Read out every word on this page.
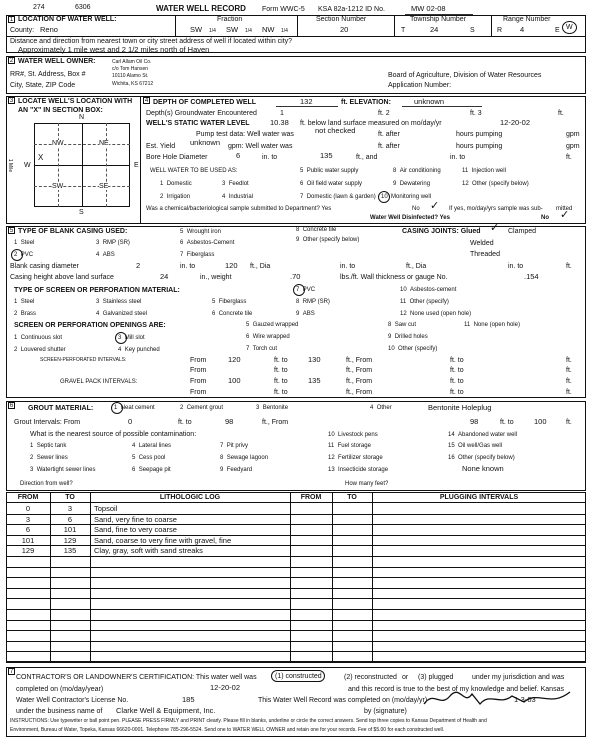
274	6306	WATER WELL RECORD Form WWC-5 KSA 82a-1212 ID No.	MW 02-08
1 LOCATION OF WATER WELL:
County: Reno
Fraction
SW 1/4 SW 1/4 NW 1/4
Section Number
20
Township Number
T	24	S
Range Number
R 4	E W
Distance and direction from nearest town or city street address of well if located within city?
Approximately 1 mile west and 2 1/2 miles north of Haven
2 WATER WELL OWNER:	Carl Allam Oil Co.
RR#, St. Address, Box #
c/o Tom Hansen
10110 Alamo St.
City, State, ZIP Code	Wichita, KS 67212
Board of Agriculture, Division of Water Resources
Application Number:
3 LOCATE WELL'S LOCATION WITH
AN "X" IN SECTION BOX:
N
S
W	E
1 Mile
NW	NE
SW	SE
X
4 DEPTH OF COMPLETED WELL	132	ft. ELEVATION:	unknown
Depth(s) Groundwater Encountered	1	ft. 2	ft. 3	ft.
WELL'S STATIC WATER LEVEL	10.38 ft. below land surface measured on mo/day/yr	12-20-02
not checked
Pump test data: Well water was	ft. after	hours pumping	gpm
unknown
Est. Yield	gpm: Well water was	ft. after	hours pumping	gpm
Bore Hole Diameter	6	in. to	135	ft., and	in. to	ft.
WELL WATER TO BE USED AS:	5 Public water supply	8 Air conditioning	11 Injection well
1 Domestic	3 Feedlot	6 Oil field water supply	9 Dewatering	12 Other (specify below)
2 Irrigation	4 Industrial	7 Domestic (lawn & garden) 10 Monitoring well
Was a chemical/bacteriological sample submitted to Department? Yes	No ✓ If yes, mo/day/yrs sample was sub- mitted
Water Well Disinfected? Yes	No ✓
5 TYPE OF BLANK CASING USED:
1 Steel	3 RMP (SR)
5 Wrought iron	8 Concrete tile
2 PVC	4 ABS
6 Asbestos-Cement	9 Other (specify below)
7 Fiberglass
CASING JOINTS: Glued ✓ Clamped
Welded
Threaded
Blank casing diameter	2	in. to	120 ft., Dia	in. to	ft., Dia	in. to	ft.
Casing height above land surface	24	in., weight	.70	lbs./ft. Wall thickness or gauge No.	.154
TYPE OF SCREEN OR PERFORATION MATERIAL:
1 Steel	3 Stainless steel	5 Fiberglass
7 PVC	10 Asbestos-cement
2 Brass	4 Galvanized steel	6 Concrete tile
8 RMP (SR)	11 Other (specify)
9 ABS	12 None used (open hole)
SCREEN OR PERFORATION OPENINGS ARE:
1 Continuous slot	3 Mill slot
5 Gauzed wrapped	8 Saw cut	11 None (open hole)
2 Louvered shutter	4 Key punched
6 Wire wrapped	9 Drilled holes
7 Torch cut	10 Other (specify)
SCREEN-PERFORATED INTERVALS:	From	120	ft. to	130	ft., From	ft. to	ft.
From	ft. to	ft., From	ft. to	ft.
GRAVEL PACK INTERVALS:	From	100	ft. to	135	ft., From	ft. to	ft.
From	ft. to	ft., From	ft. to	ft.
6 GROUT MATERIAL:	1 Neat cement	2 Cement grout	3 Bentonite	4 Other	Bentonite Holeplug
Grout Intervals: From	0	ft. to	98	ft., From	98	ft. to	100	ft.
What is the nearest source of possible contamination:
1 Septic tank	4 Lateral lines	7 Pit privy
10 Livestock pens	14 Abandoned water well
2 Sewer lines	5 Cess pool	8 Sewage lagoon
11 Fuel storage	15 Oil well/Gas well
3 Watertight sewer lines	6 Seepage pit	9 Feedyard
12 Fertilizer storage	16 Other (specify below)
13 Insecticide storage	None known
Direction from well?	How many feet?
FROM	TO	LITHOLOGIC LOG	FROM	TO	PLUGGING INTERVALS
0	3	Topsoil
3	6	Sand, very fine to coarse
6	101	Sand, fine to very coarse
101	129	Sand, coarse to very fine with gravel, fine
129	135	Clay, gray, soft with sand streaks
7
CONTRACTOR'S OR LANDOWNER'S CERTIFICATION: This water well was	(1) constructed	(2) reconstructed or (3) plugged	under my jurisdiction and was
completed on (mo/day/year)	12-20-02	and this record is true to the best of my knowledge and belief. Kansas
Water Well Contractor's License No.	185	This Water Well Record was completed on (mo/day/yr)	1-3-03
under the business name of Clarke Well & Equipment, Inc.	by (signature)
INSTRUCTIONS: Use typewriter or ball point pen. PLEASE PRESS FIRMLY and PRINT clearly. Please fill in blanks, underline or circle the correct answers. Send top three copies to Kansas Department of Health and
Environment, Bureau of Water, Topeka, Kansas 66620-0001. Telephone 785-296-5524. Send one to WATER WELL OWNER and retain one for your records. Fee of $5.00 for each constructed well.
